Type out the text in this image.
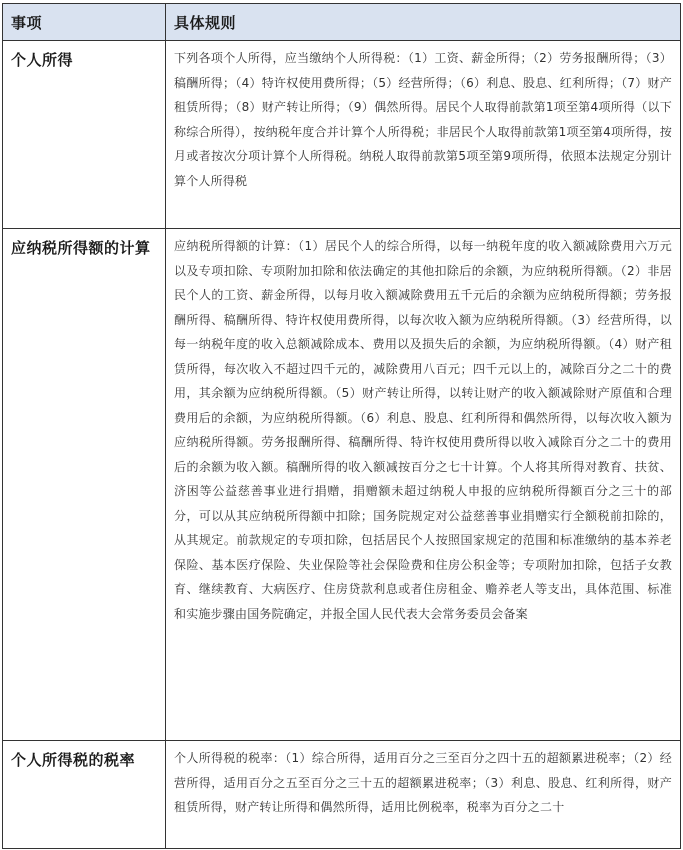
事项	具体规则
个人所得	下列各项个人所得，应当缴纳个人所得税：（1）工资、薪金所得；（2）劳务报酬所得；（3）稿酬所得；（4）特许权使用费所得；（5）经营所得；（6）利息、股息、红利所得；（7）财产租赁所得；（8）财产转让所得；（9）偶然所得。居民个人取得前款第1项至第4项所得（以下称综合所得），按纳税年度合并计算个人所得税；非居民个人取得前款第1项至第4项所得，按月或者按次分项计算个人所得税。纳税人取得前款第5项至第9项所得，依照本法规定分别计算个人所得税
应纳税所得额的计算	应纳税所得额的计算：（1）居民个人的综合所得，以每一纳税年度的收入额减除费用六万元以及专项扣除、专项附加扣除和依法确定的其他扣除后的余额，为应纳税所得额。（2）非居民个人的工资、薪金所得，以每月收入额减除费用五千元后的余额为应纳税所得额；劳务报酬所得、稿酬所得、特许权使用费所得，以每次收入额为应纳税所得额。（3）经营所得，以每一纳税年度的收入总额减除成本、费用以及损失后的余额，为应纳税所得额。（4）财产租赁所得，每次收入不超过四千元的，减除费用八百元；四千元以上的，减除百分之二十的费用，其余额为应纳税所得额。（5）财产转让所得，以转让财产的收入额减除财产原值和合理费用后的余额，为应纳税所得额。（6）利息、股息、红利所得和偶然所得，以每次收入额为应纳税所得额。劳务报酬所得、稿酬所得、特许权使用费所得以收入减除百分之二十的费用后的余额为收入额。稿酬所得的收入额减按百分之七十计算。个人将其所得对教育、扶贫、济困等公益慈善事业进行捐赠，捐赠额未超过纳税人申报的应纳税所得额百分之三十的部分，可以从其应纳税所得额中扣除；国务院规定对公益慈善事业捐赠实行全额税前扣除的，从其规定。前款规定的专项扣除，包括居民个人按照国家规定的范围和标准缴纳的基本养老保险、基本医疗保险、失业保险等社会保险费和住房公积金等；专项附加扣除，包括子女教育、继续教育、大病医疗、住房贷款利息或者住房租金、赡养老人等支出，具体范围、标准和实施步骤由国务院确定，并报全国人民代表大会常务委员会备案
个人所得税的税率	个人所得税的税率：（1）综合所得，适用百分之三至百分之四十五的超额累进税率；（2）经营所得，适用百分之五至百分之三十五的超额累进税率；（3）利息、股息、红利所得，财产租赁所得，财产转让所得和偶然所得，适用比例税率，税率为百分之二十
